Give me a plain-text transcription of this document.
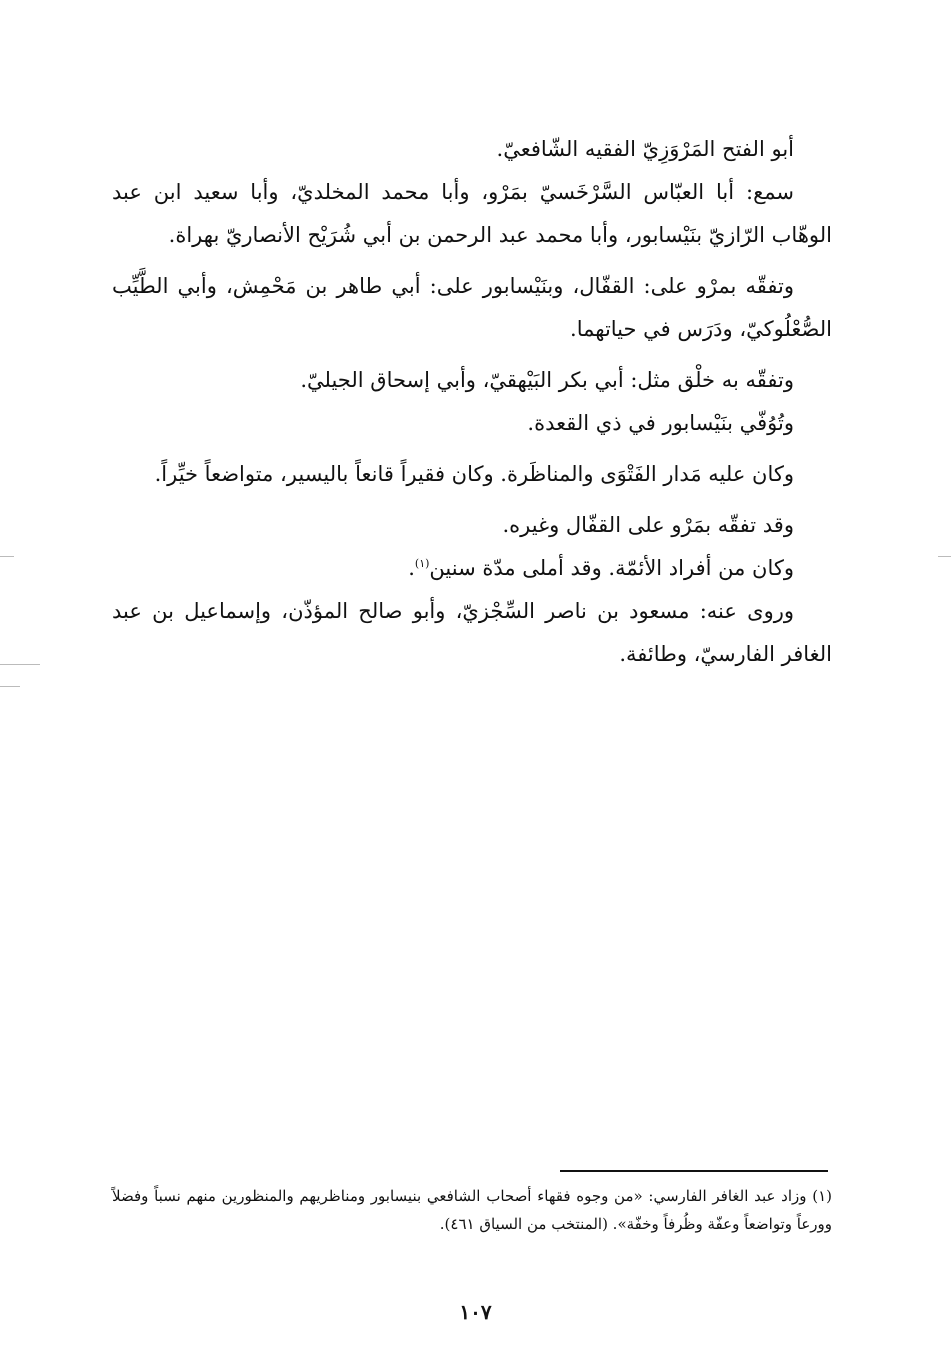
أبو الفتح المَرْوَزِيّ الفقيه الشّافعيّ.

سمع: أبا العبّاس السَّرْخَسيّ بمَرْو، وأبا محمد المخلديّ، وأبا سعيد ابن عبد الوهّاب الرّازيّ بنَيْسابور، وأبا محمد عبد الرحمن بن أبي شُرَيْح الأنصاريّ بهراة.

وتفقّه بمرْو على: القفّال، وبنَيْسابور على: أبي طاهر بن مَحْمِش، وأبي الطَّيِّب الصُّعْلُوكيّ، ودَرَس في حياتهما.

وتفقّه به خلْق مثل: أبي بكر البَيْهقيّ، وأبي إسحاق الجيليّ.

وتُوُفّي بنَيْسابور في ذي القعدة.

وكان عليه مَدار الفَتْوَى والمناظَرة. وكان فقيراً قانعاً باليسير، متواضعاً خيِّراً.

وقد تفقّه بمَرْو على القفّال وغيره.

وكان من أفراد الأئمّة. وقد أملى مدّة سنين$^{(١)}$.

وروى عنه: مسعود بن ناصر السِّجْزيّ، وأبو صالح المؤذّن، وإسماعيل بن عبد الغافر الفارسيّ، وطائفة.

(١) وزاد عبد الغافر الفارسي: «من وجوه فقهاء أصحاب الشافعي بنيسابور ومناظريهم والمنظورين منهم نسباً وفضلاً وورعاً وتواضعاً وعفّة وظُرفاً وخفّة». (المنتخب من السياق ٤٦١).

١٠٧
